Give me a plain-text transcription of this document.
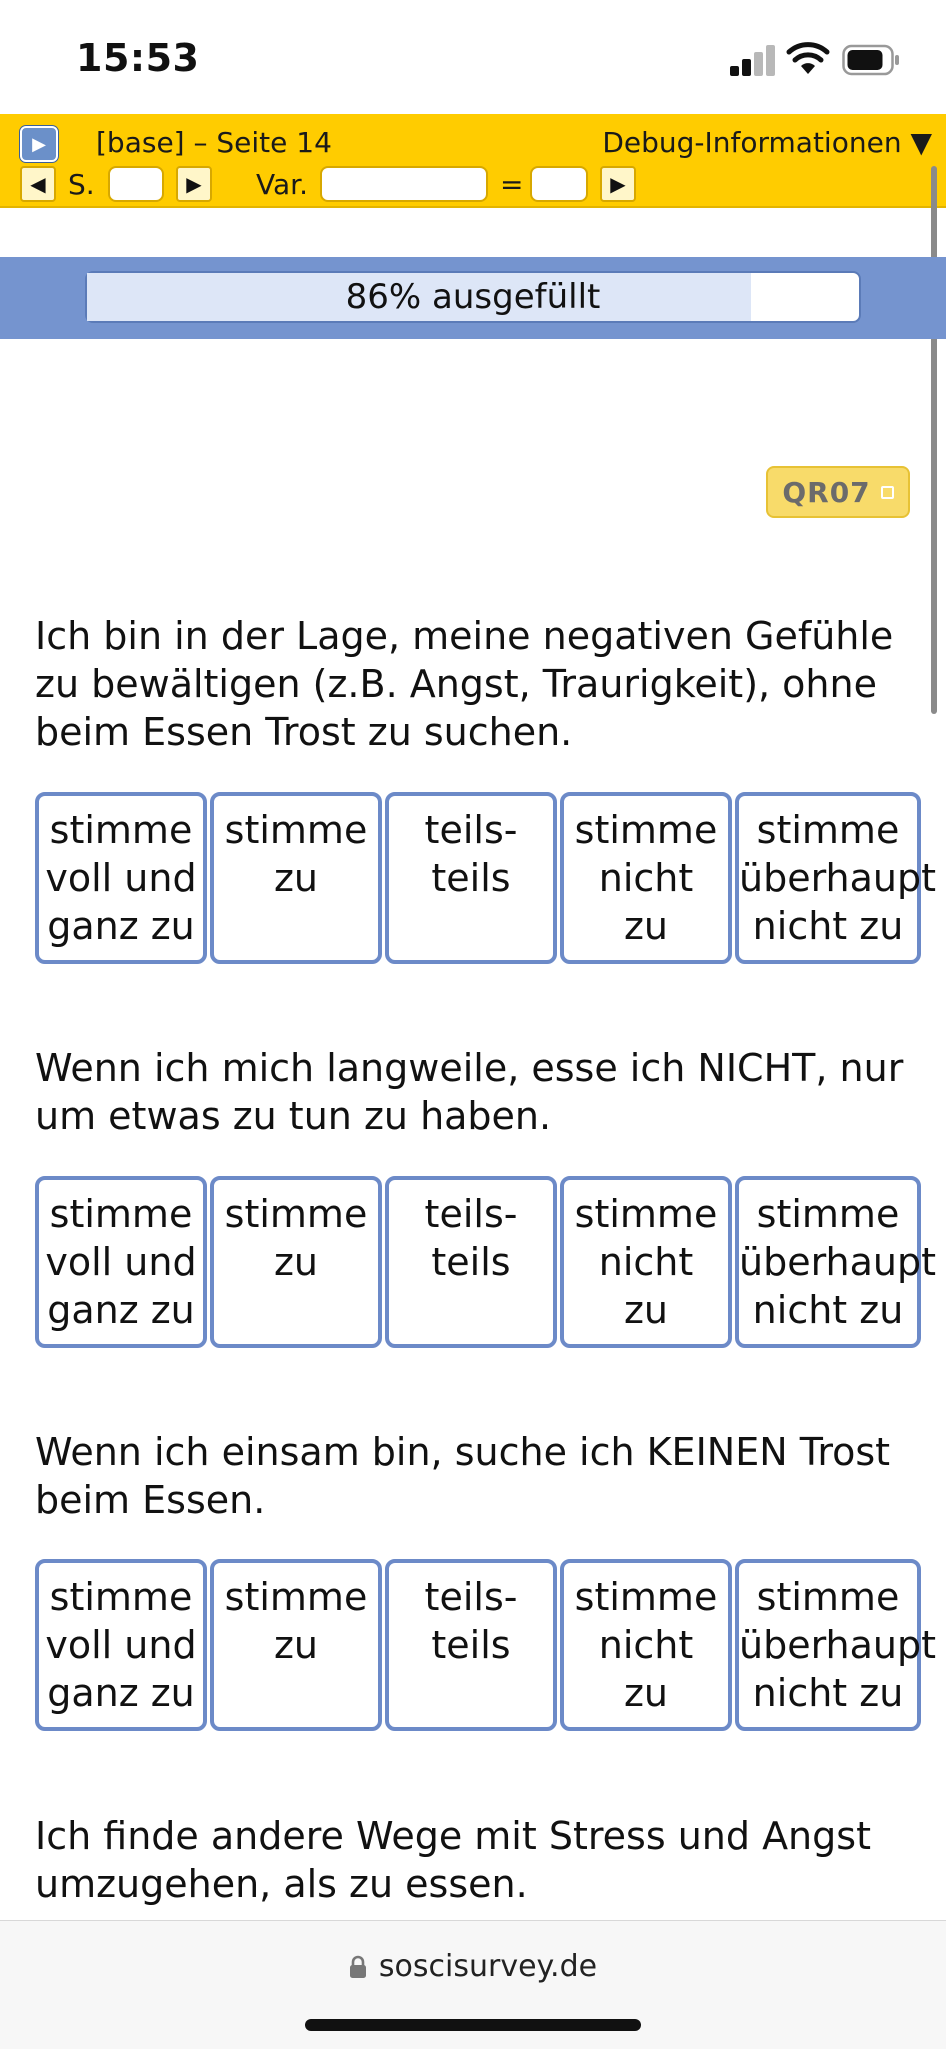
15:53
▶ [base] – Seite 14	Debug-Informationen ▼
◀ S.	▶ Var.	=	▶
86% ausgefüllt
QR07
Ich bin in der Lage, meine negativen Gefühle zu bewältigen (z.B. Angst, Traurigkeit), ohne beim Essen Trost zu suchen.
stimme
voll und
ganz zu
stimme
zu
teils-
teils
stimme
nicht
zu
stimme
überhaupt
nicht zu
Wenn ich mich langweile, esse ich NICHT, nur um etwas zu tun zu haben.
stimme
voll und
ganz zu
stimme
zu
teils-
teils
stimme
nicht
zu
stimme
überhaupt
nicht zu
Wenn ich einsam bin, suche ich KEINEN Trost beim Essen.
stimme
voll und
ganz zu
stimme
zu
teils-
teils
stimme
nicht
zu
stimme
überhaupt
nicht zu
Ich finde andere Wege mit Stress und Angst umzugehen, als zu essen.
soscisurvey.de
